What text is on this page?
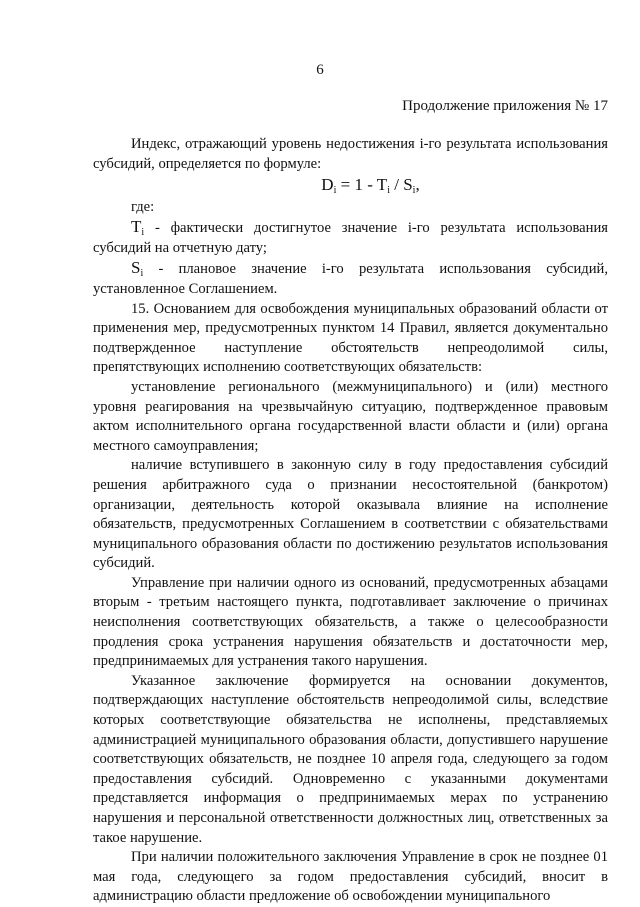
6
Продолжение приложения № 17

Индекс, отражающий уровень недостижения i-го результата использования субсидий, определяется по формуле:

$D_i = 1 - T_i / S_i$,

где:

$T_i$ - фактически достигнутое значение i-го результата использования субсидий на отчетную дату;

$S_i$ - плановое значение i-го результата использования субсидий, установленное Соглашением.

15. Основанием для освобождения муниципальных образований области от применения мер, предусмотренных пунктом 14 Правил, является документально подтвержденное наступление обстоятельств непреодолимой силы, препятствующих исполнению соответствующих обязательств:

установление регионального (межмуниципального) и (или) местного уровня реагирования на чрезвычайную ситуацию, подтвержденное правовым актом исполнительного органа государственной власти области и (или) органа местного самоуправления;

наличие вступившего в законную силу в году предоставления субсидий решения арбитражного суда о признании несостоятельной (банкротом) организации, деятельность которой оказывала влияние на исполнение обязательств, предусмотренных Соглашением в соответствии с обязательствами муниципального образования области по достижению результатов использования субсидий.

Управление при наличии одного из оснований, предусмотренных абзацами вторым - третьим настоящего пункта, подготавливает заключение о причинах неисполнения соответствующих обязательств, а также о целесообразности продления срока устранения нарушения обязательств и достаточности мер, предпринимаемых для устранения такого нарушения.

Указанное заключение формируется на основании документов, подтверждающих наступление обстоятельств непреодолимой силы, вследствие которых соответствующие обязательства не исполнены, представляемых администрацией муниципального образования области, допустившего нарушение соответствующих обязательств, не позднее 10 апреля года, следующего за годом предоставления субсидий. Одновременно с указанными документами представляется информация о предпринимаемых мерах по устранению нарушения и персональной ответственности должностных лиц, ответственных за такое нарушение.

При наличии положительного заключения Управление в срок не позднее 01 мая года, следующего за годом предоставления субсидий, вносит в администрацию области предложение об освобождении муниципального
